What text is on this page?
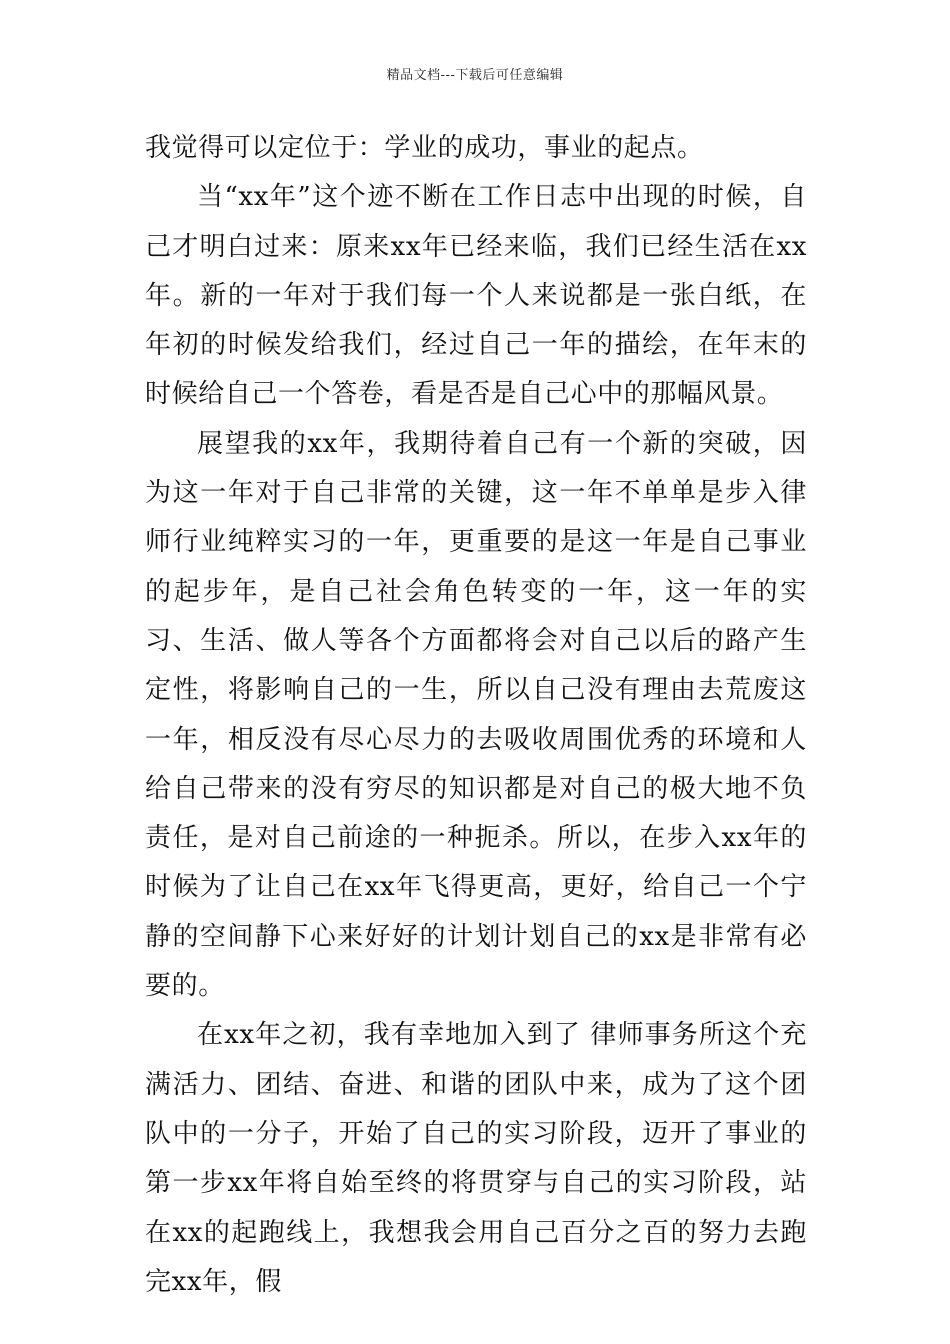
精品文档---下载后可任意编辑

我觉得可以定位于：学业的成功，事业的起点。

当“xx年”这个迹不断在工作日志中出现的时候，自己才明白过来：原来xx年已经来临，我们已经生活在xx年。新的一年对于我们每一个人来说都是一张白纸，在年初的时候发给我们，经过自己一年的描绘，在年末的时候给自己一个答卷，看是否是自己心中的那幅风景。

展望我的xx年，我期待着自己有一个新的突破，因为这一年对于自己非常的关键，这一年不单单是步入律师行业纯粹实习的一年，更重要的是这一年是自己事业的起步年，是自己社会角色转变的一年，这一年的实习、生活、做人等各个方面都将会对自己以后的路产生定性，将影响自己的一生，所以自己没有理由去荒废这一年，相反没有尽心尽力的去吸收周围优秀的环境和人给自己带来的没有穷尽的知识都是对自己的极大地不负责任，是对自己前途的一种扼杀。所以，在步入xx年的时候为了让自己在xx年飞得更高，更好，给自己一个宁静的空间静下心来好好的计划计划自己的xx是非常有必要的。

在xx年之初，我有幸地加入到了 律师事务所这个充满活力、团结、奋进、和谐的团队中来，成为了这个团队中的一分子，开始了自己的实习阶段，迈开了事业的第一步xx年将自始至终的将贯穿与自己的实习阶段，站在xx的起跑线上，我想我会用自己百分之百的努力去跑完xx年，假
